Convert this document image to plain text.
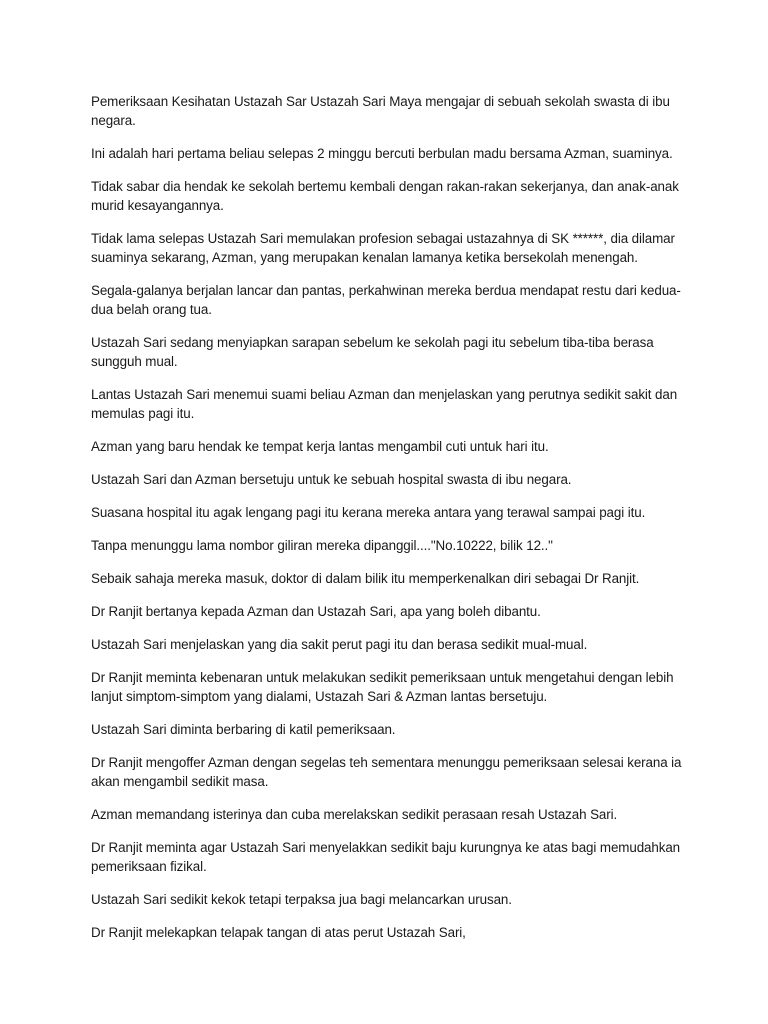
Pemeriksaan Kesihatan Ustazah Sar Ustazah Sari Maya mengajar di sebuah sekolah swasta di ibu negara.

Ini adalah hari pertama beliau selepas 2 minggu bercuti berbulan madu bersama Azman, suaminya.

Tidak sabar dia hendak ke sekolah bertemu kembali dengan rakan-rakan sekerjanya, dan anak-anak murid kesayangannya.

Tidak lama selepas Ustazah Sari memulakan profesion sebagai ustazahnya di SK ******, dia dilamar suaminya sekarang, Azman, yang merupakan kenalan lamanya ketika bersekolah menengah.

Segala-galanya berjalan lancar dan pantas, perkahwinan mereka berdua mendapat restu dari kedua-dua belah orang tua.

Ustazah Sari sedang menyiapkan sarapan sebelum ke sekolah pagi itu sebelum tiba-tiba berasa sungguh mual.

Lantas Ustazah Sari menemui suami beliau Azman dan menjelaskan yang perutnya sedikit sakit dan memulas pagi itu.

Azman yang baru hendak ke tempat kerja lantas mengambil cuti untuk hari itu.

Ustazah Sari dan Azman bersetuju untuk ke sebuah hospital swasta di ibu negara.

Suasana hospital itu agak lengang pagi itu kerana mereka antara yang terawal sampai pagi itu.

Tanpa menunggu lama nombor giliran mereka dipanggil...."No.10222, bilik 12.."

Sebaik sahaja mereka masuk, doktor di dalam bilik itu memperkenalkan diri sebagai Dr Ranjit.

Dr Ranjit bertanya kepada Azman dan Ustazah Sari, apa yang boleh dibantu.

Ustazah Sari menjelaskan yang dia sakit perut pagi itu dan berasa sedikit mual-mual.

Dr Ranjit meminta kebenaran untuk melakukan sedikit pemeriksaan untuk mengetahui dengan lebih lanjut simptom-simptom yang dialami, Ustazah Sari & Azman lantas bersetuju.

Ustazah Sari diminta berbaring di katil pemeriksaan.

Dr Ranjit mengoffer Azman dengan segelas teh sementara menunggu pemeriksaan selesai kerana ia akan mengambil sedikit masa.

Azman memandang isterinya dan cuba merelakskan sedikit perasaan resah Ustazah Sari.

Dr Ranjit meminta agar Ustazah Sari menyelakkan sedikit baju kurungnya ke atas bagi memudahkan pemeriksaan fizikal.

Ustazah Sari sedikit kekok tetapi terpaksa jua bagi melancarkan urusan.

Dr Ranjit melekapkan telapak tangan di atas perut Ustazah Sari,
